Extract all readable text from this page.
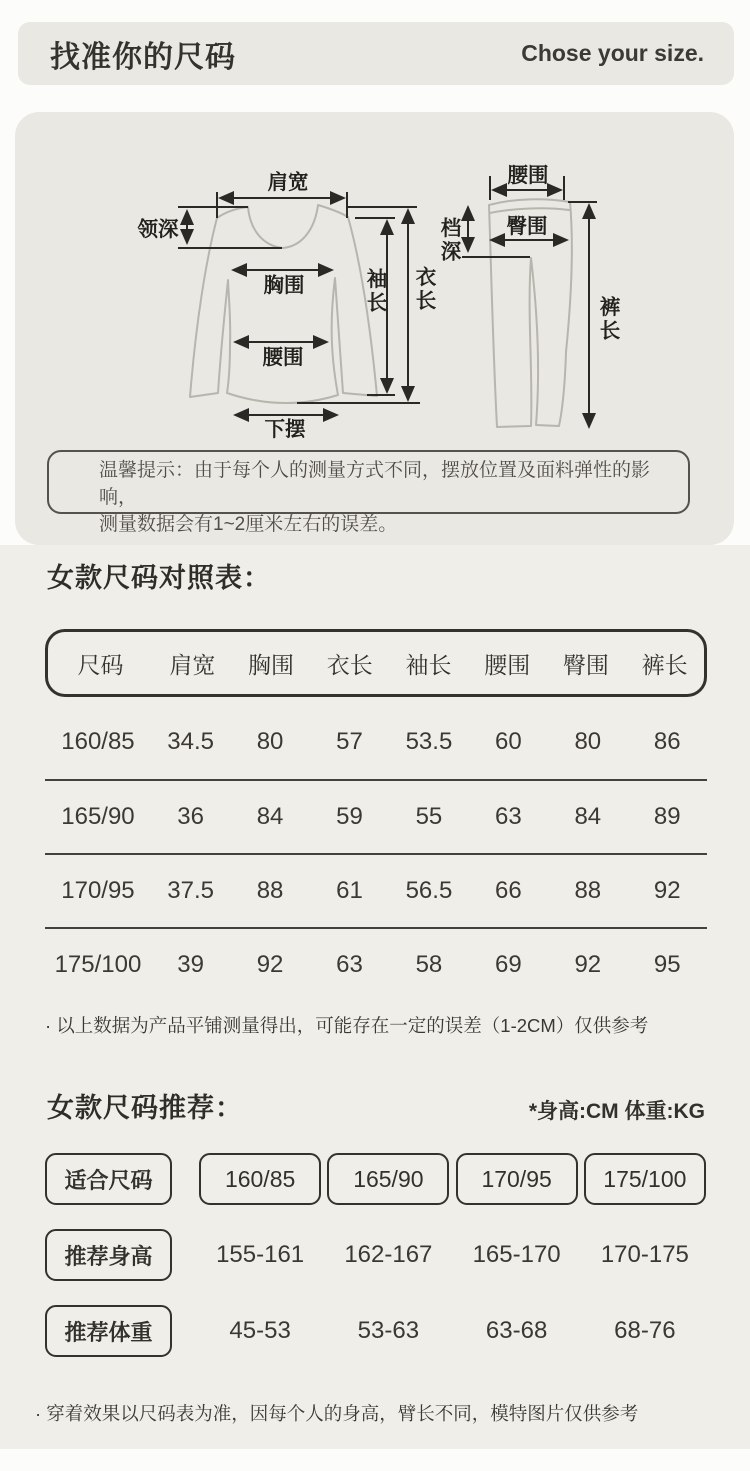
找准你的尺码	Chose your size.
肩宽
领深
胸围
腰围
下摆
腰围
臀围
袖长 衣长
档深
裤长
温馨提示：由于每个人的测量方式不同，摆放位置及面料弹性的影响，
测量数据会有1~2厘米左右的误差。
女款尺码对照表：
尺码	肩宽	胸围	衣长	袖长	腰围	臀围	裤长
160/85	34.5	80	57	53.5	60	80	86
165/90	36	84	59	55	63	84	89
170/95	37.5	88	61	56.5	66	88	92
175/100	39	92	63	58	69	92	95
· 以上数据为产品平铺测量得出，可能存在一定的误差（1-2CM）仅供参考
女款尺码推荐：	*身高:CM 体重:KG
适合尺码	160/85	165/90	170/95	175/100
推荐身高	155-161 162-167 165-170 170-175
推荐体重	45-53	53-63	63-68	68-76
· 穿着效果以尺码表为准，因每个人的身高，臂长不同，模特图片仅供参考
